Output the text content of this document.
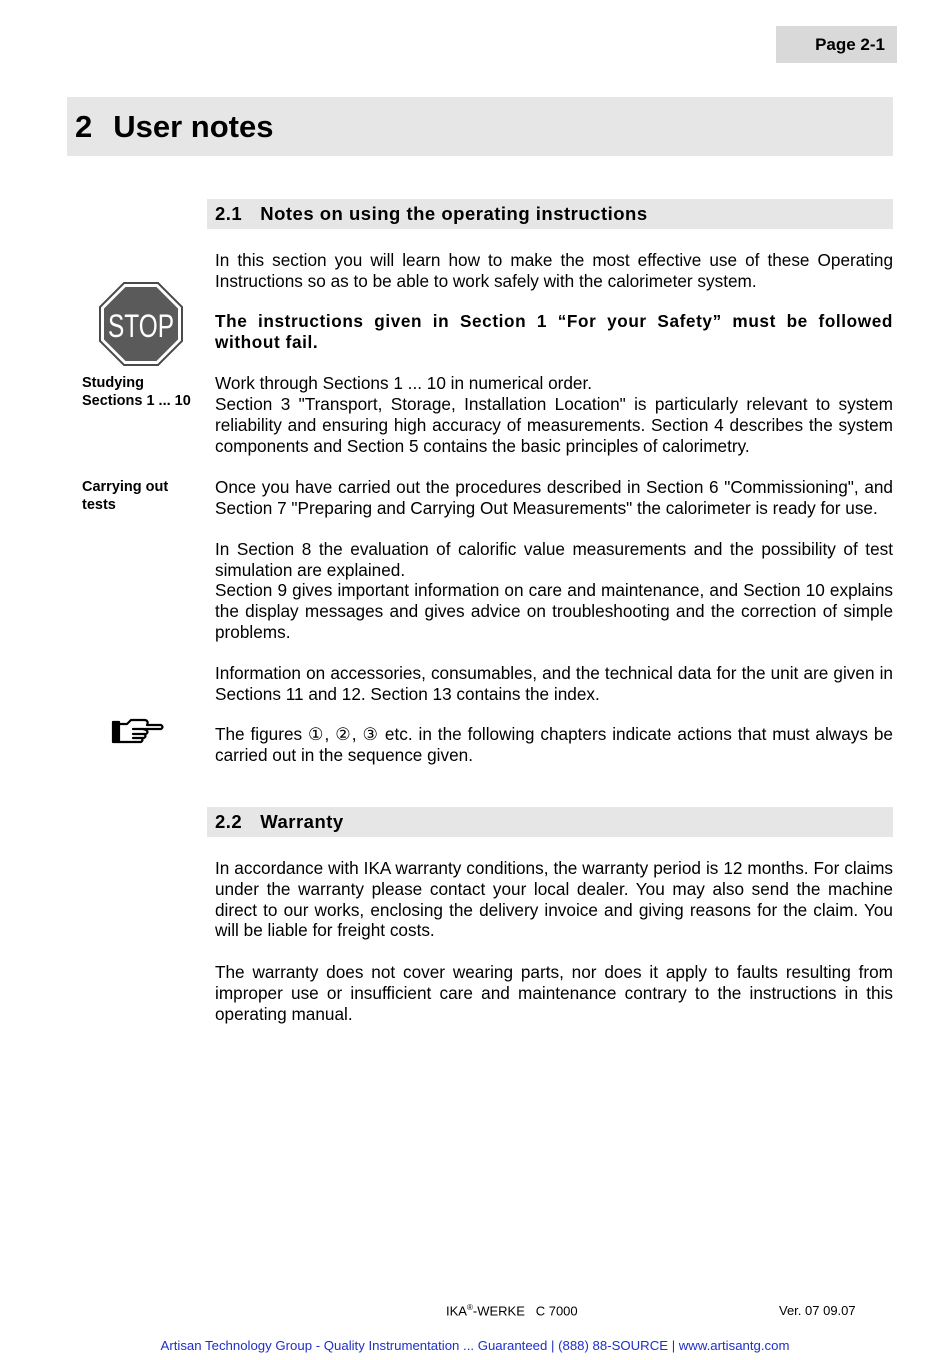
Page 2-1
2 User notes
2.1 Notes on using the operating instructions

In this section you will learn how to make the most effective use of these Operating Instructions so as to be able to work safely with the calorimeter system.

STOP The instructions given in Section 1 “For your Safety” must be followed without fail.

Studying
Sections 1 ... 10

Work through Sections 1 ... 10 in numerical order.

Section 3 "Transport, Storage, Installation Location" is particularly relevant to system reliability and ensuring high accuracy of measurements. Section 4 describes the system components and Section 5 contains the basic principles of calorimetry.

Carrying out
tests

Once you have carried out the procedures described in Section 6 "Commissioning", and Section 7 "Preparing and Carrying Out Measurements" the calorimeter is ready for use.

In Section 8 the evaluation of calorific value measurements and the possibility of test simulation are explained.

Section 9 gives important information on care and maintenance, and Section 10 explains the display messages and gives advice on troubleshooting and the correction of simple problems.

Information on accessories, consumables, and the technical data for the unit are given in Sections 11 and 12. Section 13 contains the index.

The figures ①, ②, ③ etc. in the following chapters indicate actions that must always be carried out in the sequence given.

2.2 Warranty

In accordance with IKA warranty conditions, the warranty period is 12 months. For claims under the warranty please contact your local dealer. You may also send the machine direct to our works, enclosing the delivery invoice and giving reasons for the claim. You will be liable for freight costs.

The warranty does not cover wearing parts, nor does it apply to faults resulting from improper use or insufficient care and maintenance contrary to the instructions in this operating manual.

IKA®-WERKE   C 7000	Ver. 07 09.07
Artisan Technology Group - Quality Instrumentation ... Guaranteed | (888) 88-SOURCE | www.artisantg.com
